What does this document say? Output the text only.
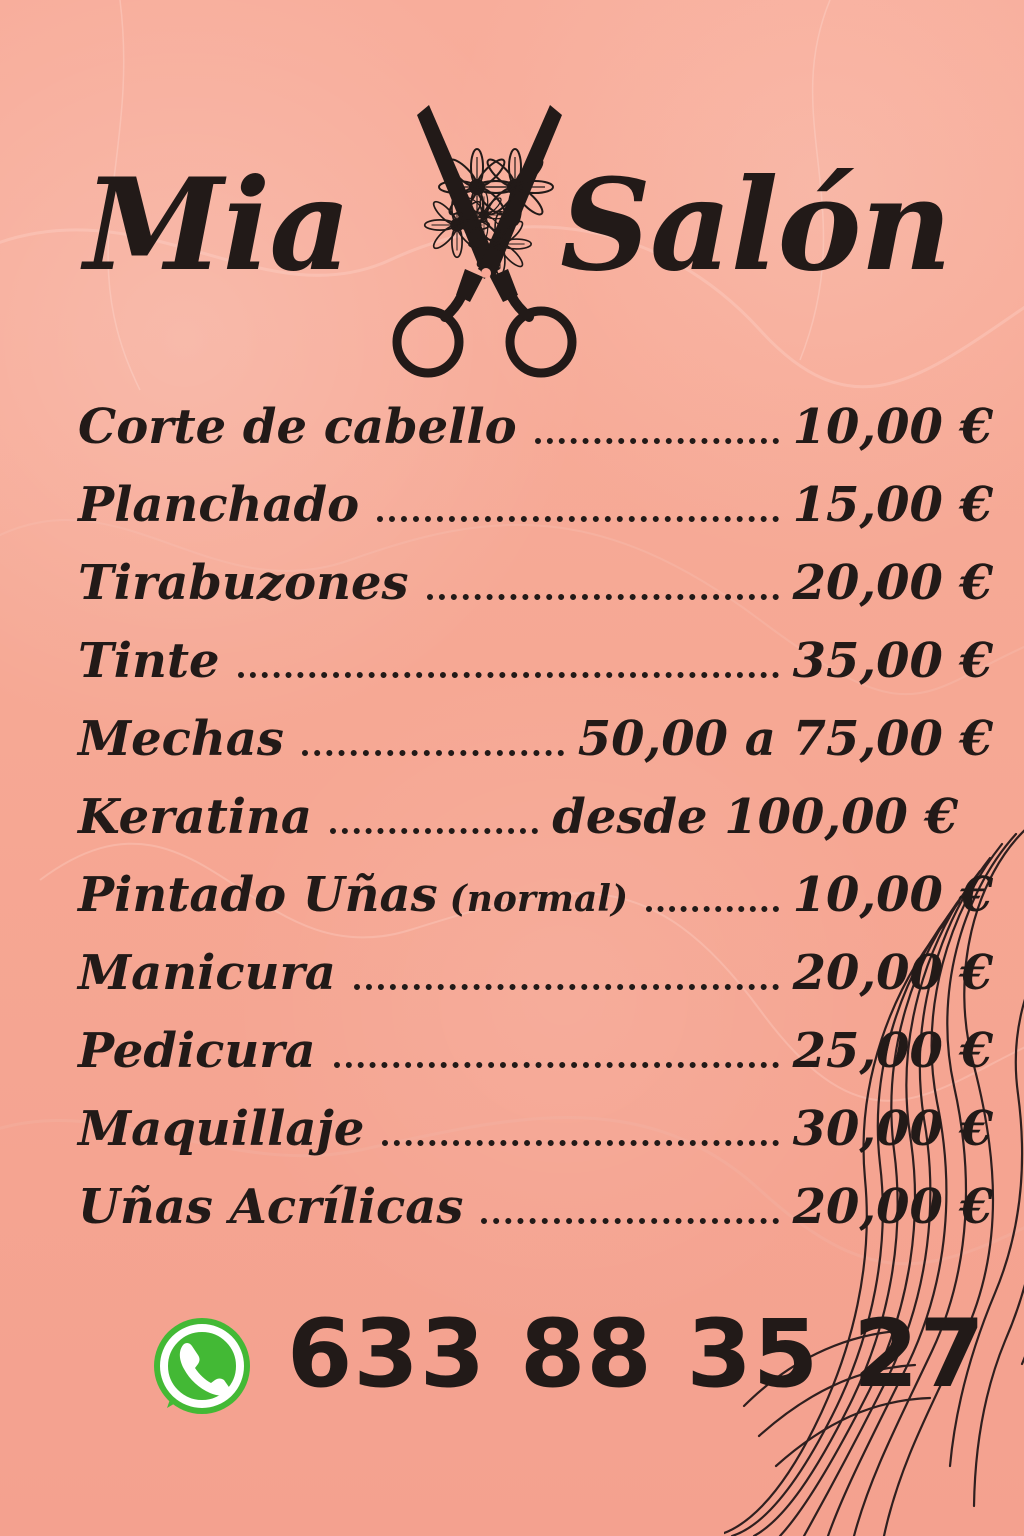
Mia Salón
Corte de cabello	10,00 €
Planchado	15,00 €
Tirabuzones	20,00 €
Tinte	35,00 €
Mechas	50,00 a 75,00 €
Keratina	desde 100,00 €
Pintado Uñas (normal)	10,00 €
Manicura	20,00 €
Pedicura	25,00 €
Maquillaje	30,00 €
Uñas Acrílicas	20,00 €
633 88 35 27
